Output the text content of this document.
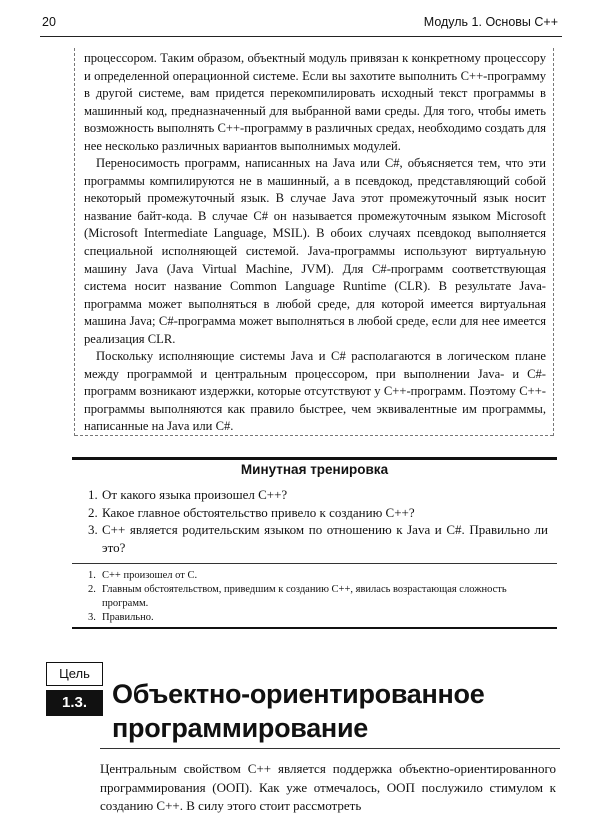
20	Модуль 1. Основы C++

процессором. Таким образом, объектный модуль привязан к конкретному процессору и определенной операционной системе. Если вы захотите выполнить C++-программу в другой системе, вам придется перекомпилировать исходный текст программы в машинный код, предназначенный для выбранной вами среды. Для того, чтобы иметь возможность выполнять C++-программу в различных средах, необходимо создать для нее несколько различных вариантов выполнимых модулей.

Переносимость программ, написанных на Java или C#, объясняется тем, что эти программы компилируются не в машинный, а в псевдокод, представляющий собой некоторый промежуточный язык. В случае Java этот промежуточный язык носит название байт-кода. В случае C# он называется промежуточным языком Microsoft (Microsoft Intermediate Language, MSIL). В обоих случаях псевдокод выполняется специальной исполняющей системой. Java-программы используют виртуальную машину Java (Java Virtual Machine, JVM). Для C#-программ соответствующая система носит название Common Language Runtime (CLR). В результате Java-программа может выполняться в любой среде, для которой имеется виртуальная машина Java; C#-программа может выполняться в любой среде, если для нее имеется реализация CLR.

Поскольку исполняющие системы Java и C# располагаются в логическом плане между программой и центральным процессором, при выполнении Java- и C#-программ возникают издержки, которые отсутствуют у C++-программ. Поэтому C++-программы выполняются как правило быстрее, чем эквивалентные им программы, написанные на Java или C#.

Минутная тренировка
1. От какого языка произошел C++?
2. Какое главное обстоятельство привело к созданию C++?
3. C++ является родительским языком по отношению к Java и C#. Правильно ли это?
1. C++ произошел от C.
2. Главным обстоятельством, приведшим к созданию C++, явилась возрастающая сложность программ.
3. Правильно.
Цель
1.3. Объектно-ориентированное программирование

Центральным свойством C++ является поддержка объектно-ориентированного программирования (ООП). Как уже отмечалось, ООП послужило стимулом к созданию C++. В силу этого стоит рассмотреть
